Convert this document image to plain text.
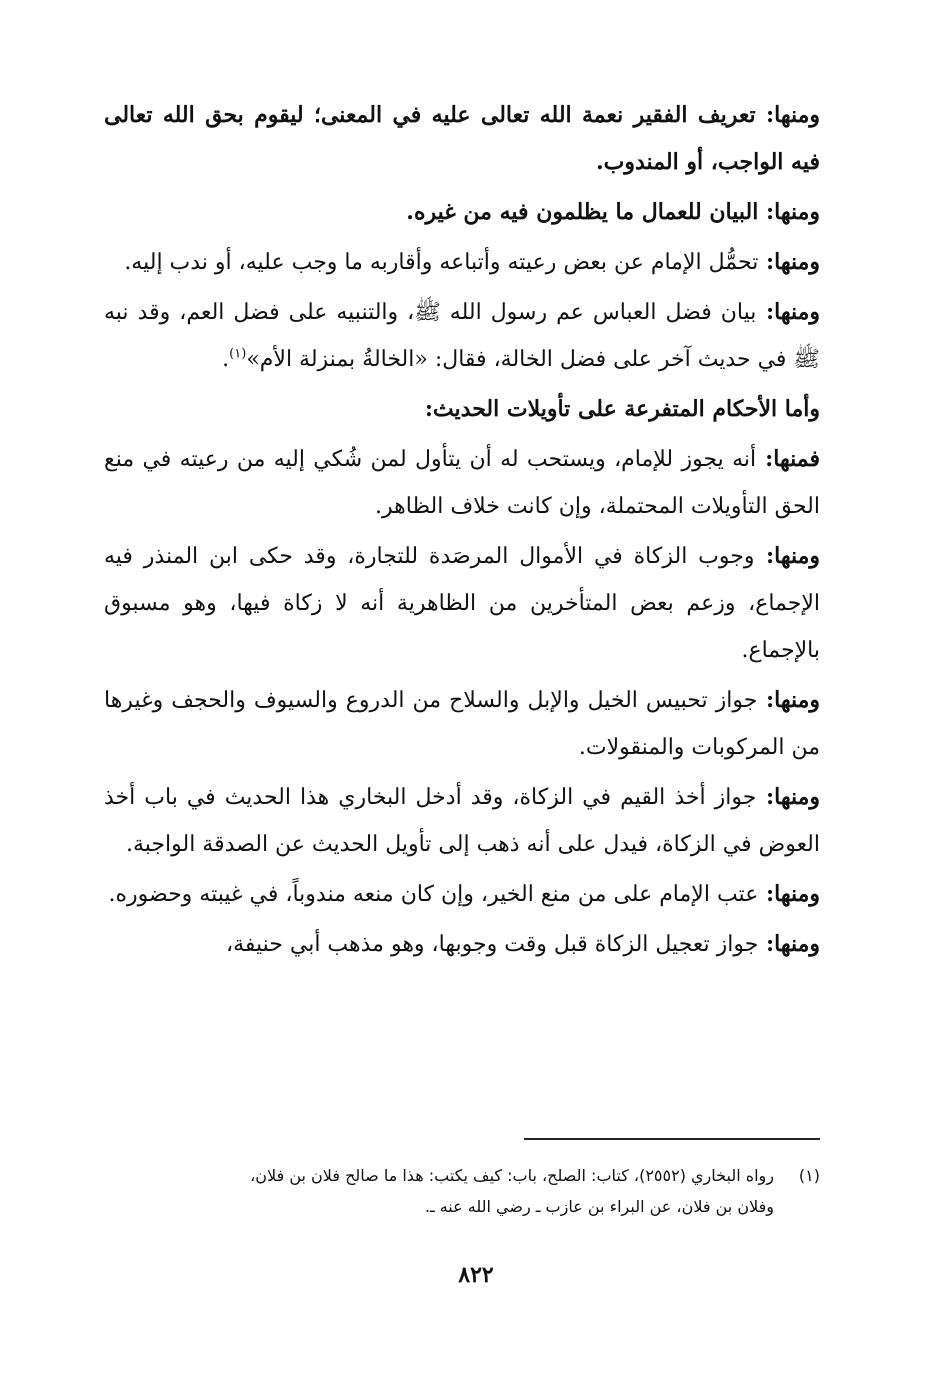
ومنها: تعريف الفقير نعمة الله تعالى عليه في المعنى؛ ليقوم بحق الله تعالى فيه الواجب، أو المندوب.

ومنها: البيان للعمال ما يظلمون فيه من غيره.

ومنها: تحمُّل الإمام عن بعض رعيته وأتباعه وأقاربه ما وجب عليه، أو ندب إليه.

ومنها: بيان فضل العباس عم رسول الله ﷺ، والتنبيه على فضل العم، وقد نبه ﷺ في حديث آخر على فضل الخالة، فقال: «الخالةُ بمنزلة الأم»$^{(١)}$.

وأما الأحكام المتفرعة على تأويلات الحديث:

فمنها: أنه يجوز للإمام، ويستحب له أن يتأول لمن شُكي إليه من رعيته في منع الحق التأويلات المحتملة، وإن كانت خلاف الظاهر.

ومنها: وجوب الزكاة في الأموال المرصَدة للتجارة، وقد حكى ابن المنذر فيه الإجماع، وزعم بعض المتأخرين من الظاهرية أنه لا زكاة فيها، وهو مسبوق بالإجماع.

ومنها: جواز تحبيس الخيل والإبل والسلاح من الدروع والسيوف والحجف وغيرها من المركوبات والمنقولات.

ومنها: جواز أخذ القيم في الزكاة، وقد أدخل البخاري هذا الحديث في باب أخذ العوض في الزكاة، فيدل على أنه ذهب إلى تأويل الحديث عن الصدقة الواجبة.

ومنها: عتب الإمام على من منع الخير، وإن كان منعه مندوباً، في غيبته وحضوره.

ومنها: جواز تعجيل الزكاة قبل وقت وجوبها، وهو مذهب أبي حنيفة،

(١)رواه البخاري (٢٥٥٢)، كتاب: الصلح، باب: كيف يكتب: هذا ما صالح فلان بن فلان،
وفلان بن فلان، عن البراء بن عازب ـ رضي الله عنه ـ.
٨٢٢
